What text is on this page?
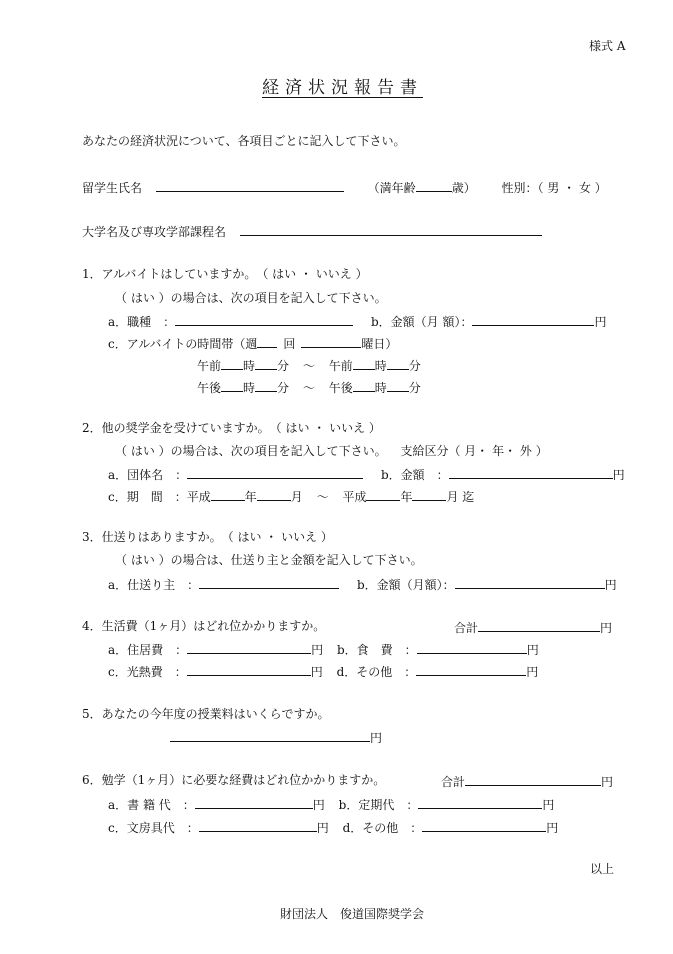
様式 A
経済状況報告書
あなたの経済状況について、各項目ごとに記入して下さい。
留学生氏名	（満年齢	歳） 性別：（ 男 ・ 女 ）
大学名及び専攻学部課程名
1．アルバイトはしていますか。　（ はい ・ いいえ ）
（ はい ）の場合は、次の項目を記入して下さい。
a．職種　：	b．金額（月 額）：	円
c．アルバイトの時間帯（週 回	曜日）
午前 時 分 〜 午前 時 分
午後 時 分 〜 午後 時 分
2．他の奨学金を受けていますか。　（ はい ・ いいえ ）
（ はい ）の場合は、次の項目を記入して下さい。 支給区分（ 月・ 年・ 外 ）
a．団体名　：	b．金額　：	円
c．期　間　：平成	年	月 〜 平成	年	月 迄
3．仕送りはありますか。　（ はい ・ いいえ ）
（ はい ）の場合は、仕送り主と金額を記入して下さい。
a．仕送り主　：	b．金額（月額）：	円
4．生活費（1ヶ月）はどれ位かかりますか。	合計	円
a．住居費　：	円 b．食　費　：	円
c．光熱費　：	円 d．その他　：	円
5．あなたの今年度の授業料はいくらですか。
円
6．勉学（1ヶ月）に必要な経費はどれ位かかりますか。	合計	円
a．書 籍 代　：	円 b．定期代　：	円
c．文房具代　：	円 d．その他　：	円
以上
財団法人　俊道国際奨学会
